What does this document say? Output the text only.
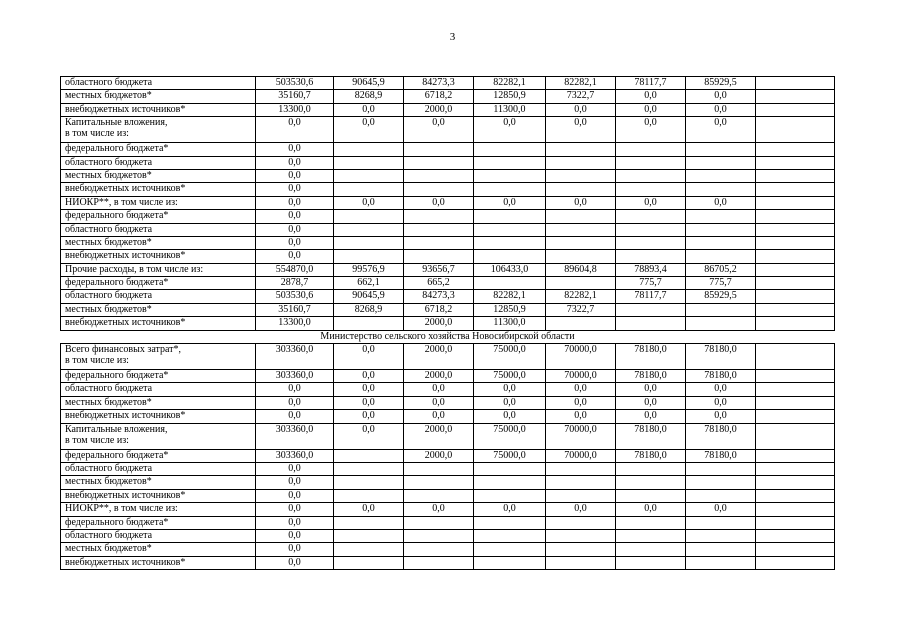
3
областного бюджета	503530,6	90645,9	84273,3	82282,1	82282,1	78117,7	85929,5	
местных бюджетов*	35160,7	8268,9	6718,2	12850,9	7322,7	0,0	0,0	
внебюджетных источников*	13300,0	0,0	2000,0	11300,0	0,0	0,0	0,0	
Капитальные вложения,
в том числе из:	0,0	0,0	0,0	0,0	0,0	0,0	0,0	
федерального бюджета*	0,0							
областного бюджета	0,0							
местных бюджетов*	0,0							
внебюджетных источников*	0,0							
НИОКР**, в том числе из:	0,0	0,0	0,0	0,0	0,0	0,0	0,0	
федерального бюджета*	0,0							
областного бюджета	0,0							
местных бюджетов*	0,0							
внебюджетных источников*	0,0							
Прочие расходы, в том числе из:	554870,0	99576,9	93656,7	106433,0	89604,8	78893,4	86705,2	
федерального бюджета*	2878,7	662,1	665,2			775,7	775,7	
областного бюджета	503530,6	90645,9	84273,3	82282,1	82282,1	78117,7	85929,5	
местных бюджетов*	35160,7	8268,9	6718,2	12850,9	7322,7			
внебюджетных источников*	13300,0		2000,0	11300,0				
Министерство сельского хозяйства Новосибирской области								
Всего финансовых затрат*,
в том числе из:	303360,0	0,0	2000,0	75000,0	70000,0	78180,0	78180,0	
федерального бюджета*	303360,0	0,0	2000,0	75000,0	70000,0	78180,0	78180,0	
областного бюджета	0,0	0,0	0,0	0,0	0,0	0,0	0,0	
местных бюджетов*	0,0	0,0	0,0	0,0	0,0	0,0	0,0	
внебюджетных источников*	0,0	0,0	0,0	0,0	0,0	0,0	0,0	
Капитальные вложения,
в том числе из:	303360,0	0,0	2000,0	75000,0	70000,0	78180,0	78180,0	
федерального бюджета*	303360,0		2000,0	75000,0	70000,0	78180,0	78180,0	
областного бюджета	0,0							
местных бюджетов*	0,0							
внебюджетных источников*	0,0							
НИОКР**, в том числе из:	0,0	0,0	0,0	0,0	0,0	0,0	0,0	
федерального бюджета*	0,0							
областного бюджета	0,0							
местных бюджетов*	0,0							
внебюджетных источников*	0,0							
